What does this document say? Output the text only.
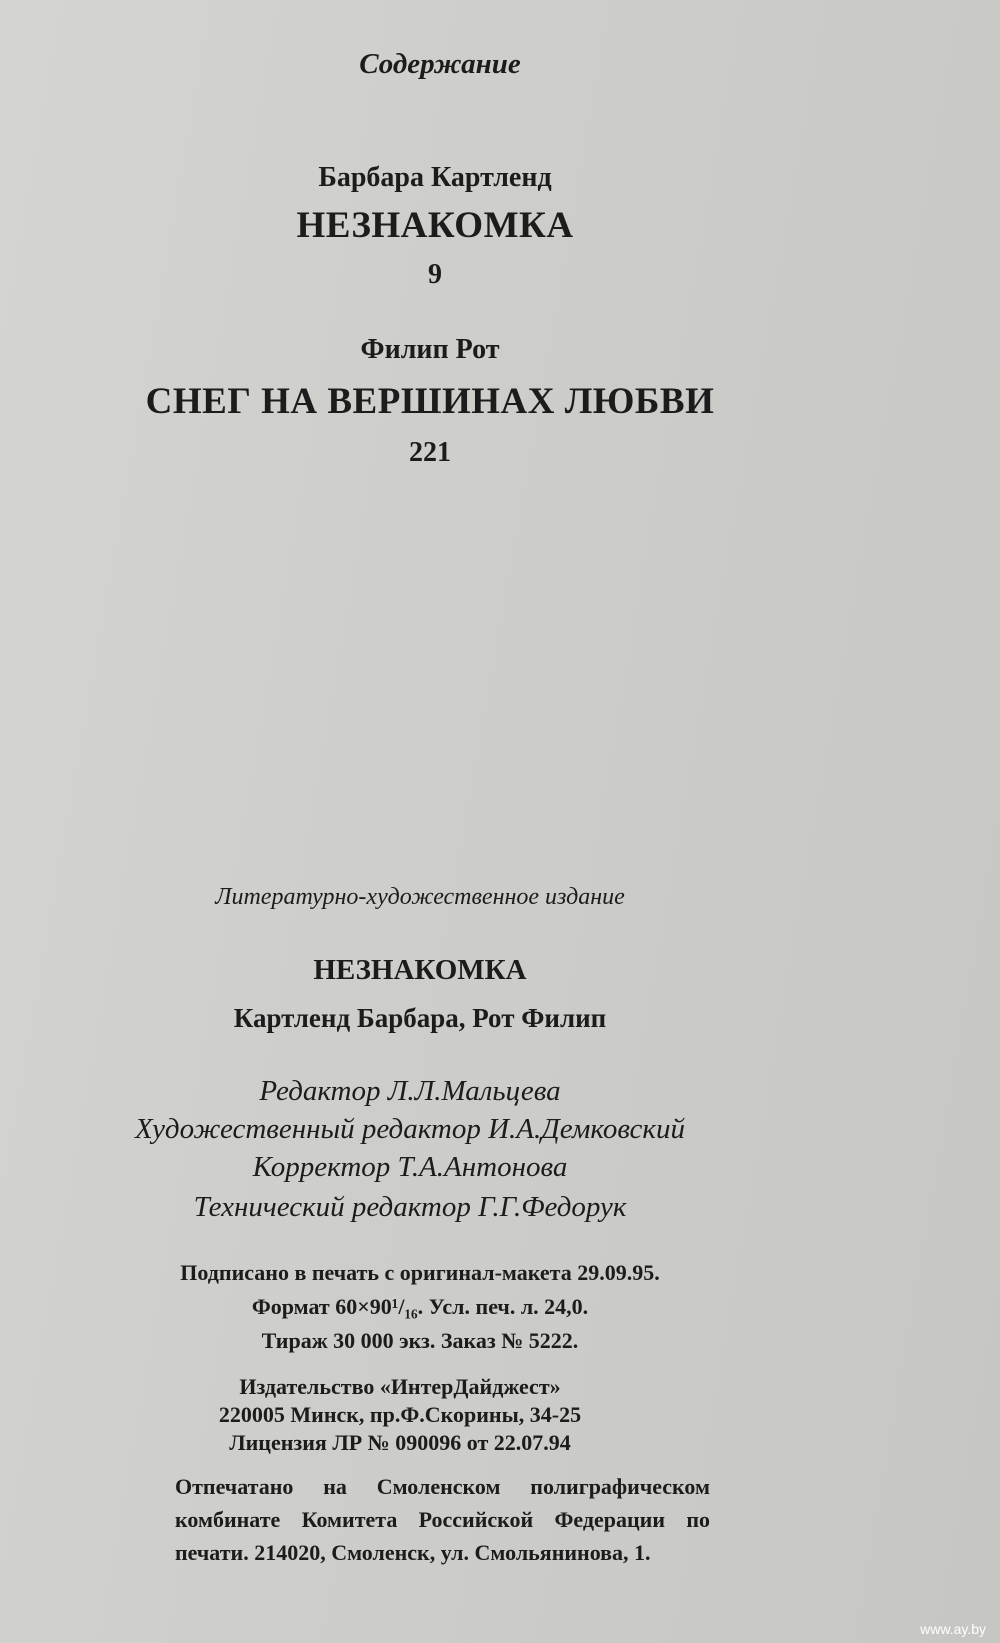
Содержание
Барбара Картленд
НЕЗНАКОМКА
9
Филип Рот
СНЕГ НА ВЕРШИНАХ ЛЮБВИ
221
Литературно-художественное издание
НЕЗНАКОМКА
Картленд Барбара, Рот Филип
Редактор Л.Л.Мальцева
Художественный редактор И.А.Демковский
Корректор Т.А.Антонова
Технический редактор Г.Г.Федорук
Подписано в печать с оригинал-макета 29.09.95.
Формат 60×90¹/₁₆. Усл. печ. л. 24,0.
Тираж 30 000 экз. Заказ № 5222.
Издательство «ИнтерДайджест»
220005 Минск, пр.Ф.Скорины, 34-25
Лицензия ЛР № 090096 от 22.07.94
Отпечатано на Смоленском полиграфическом комбинате Комитета Российской Федерации по печати. 214020, Смоленск, ул. Смольянинова, 1.
www.ay.by
